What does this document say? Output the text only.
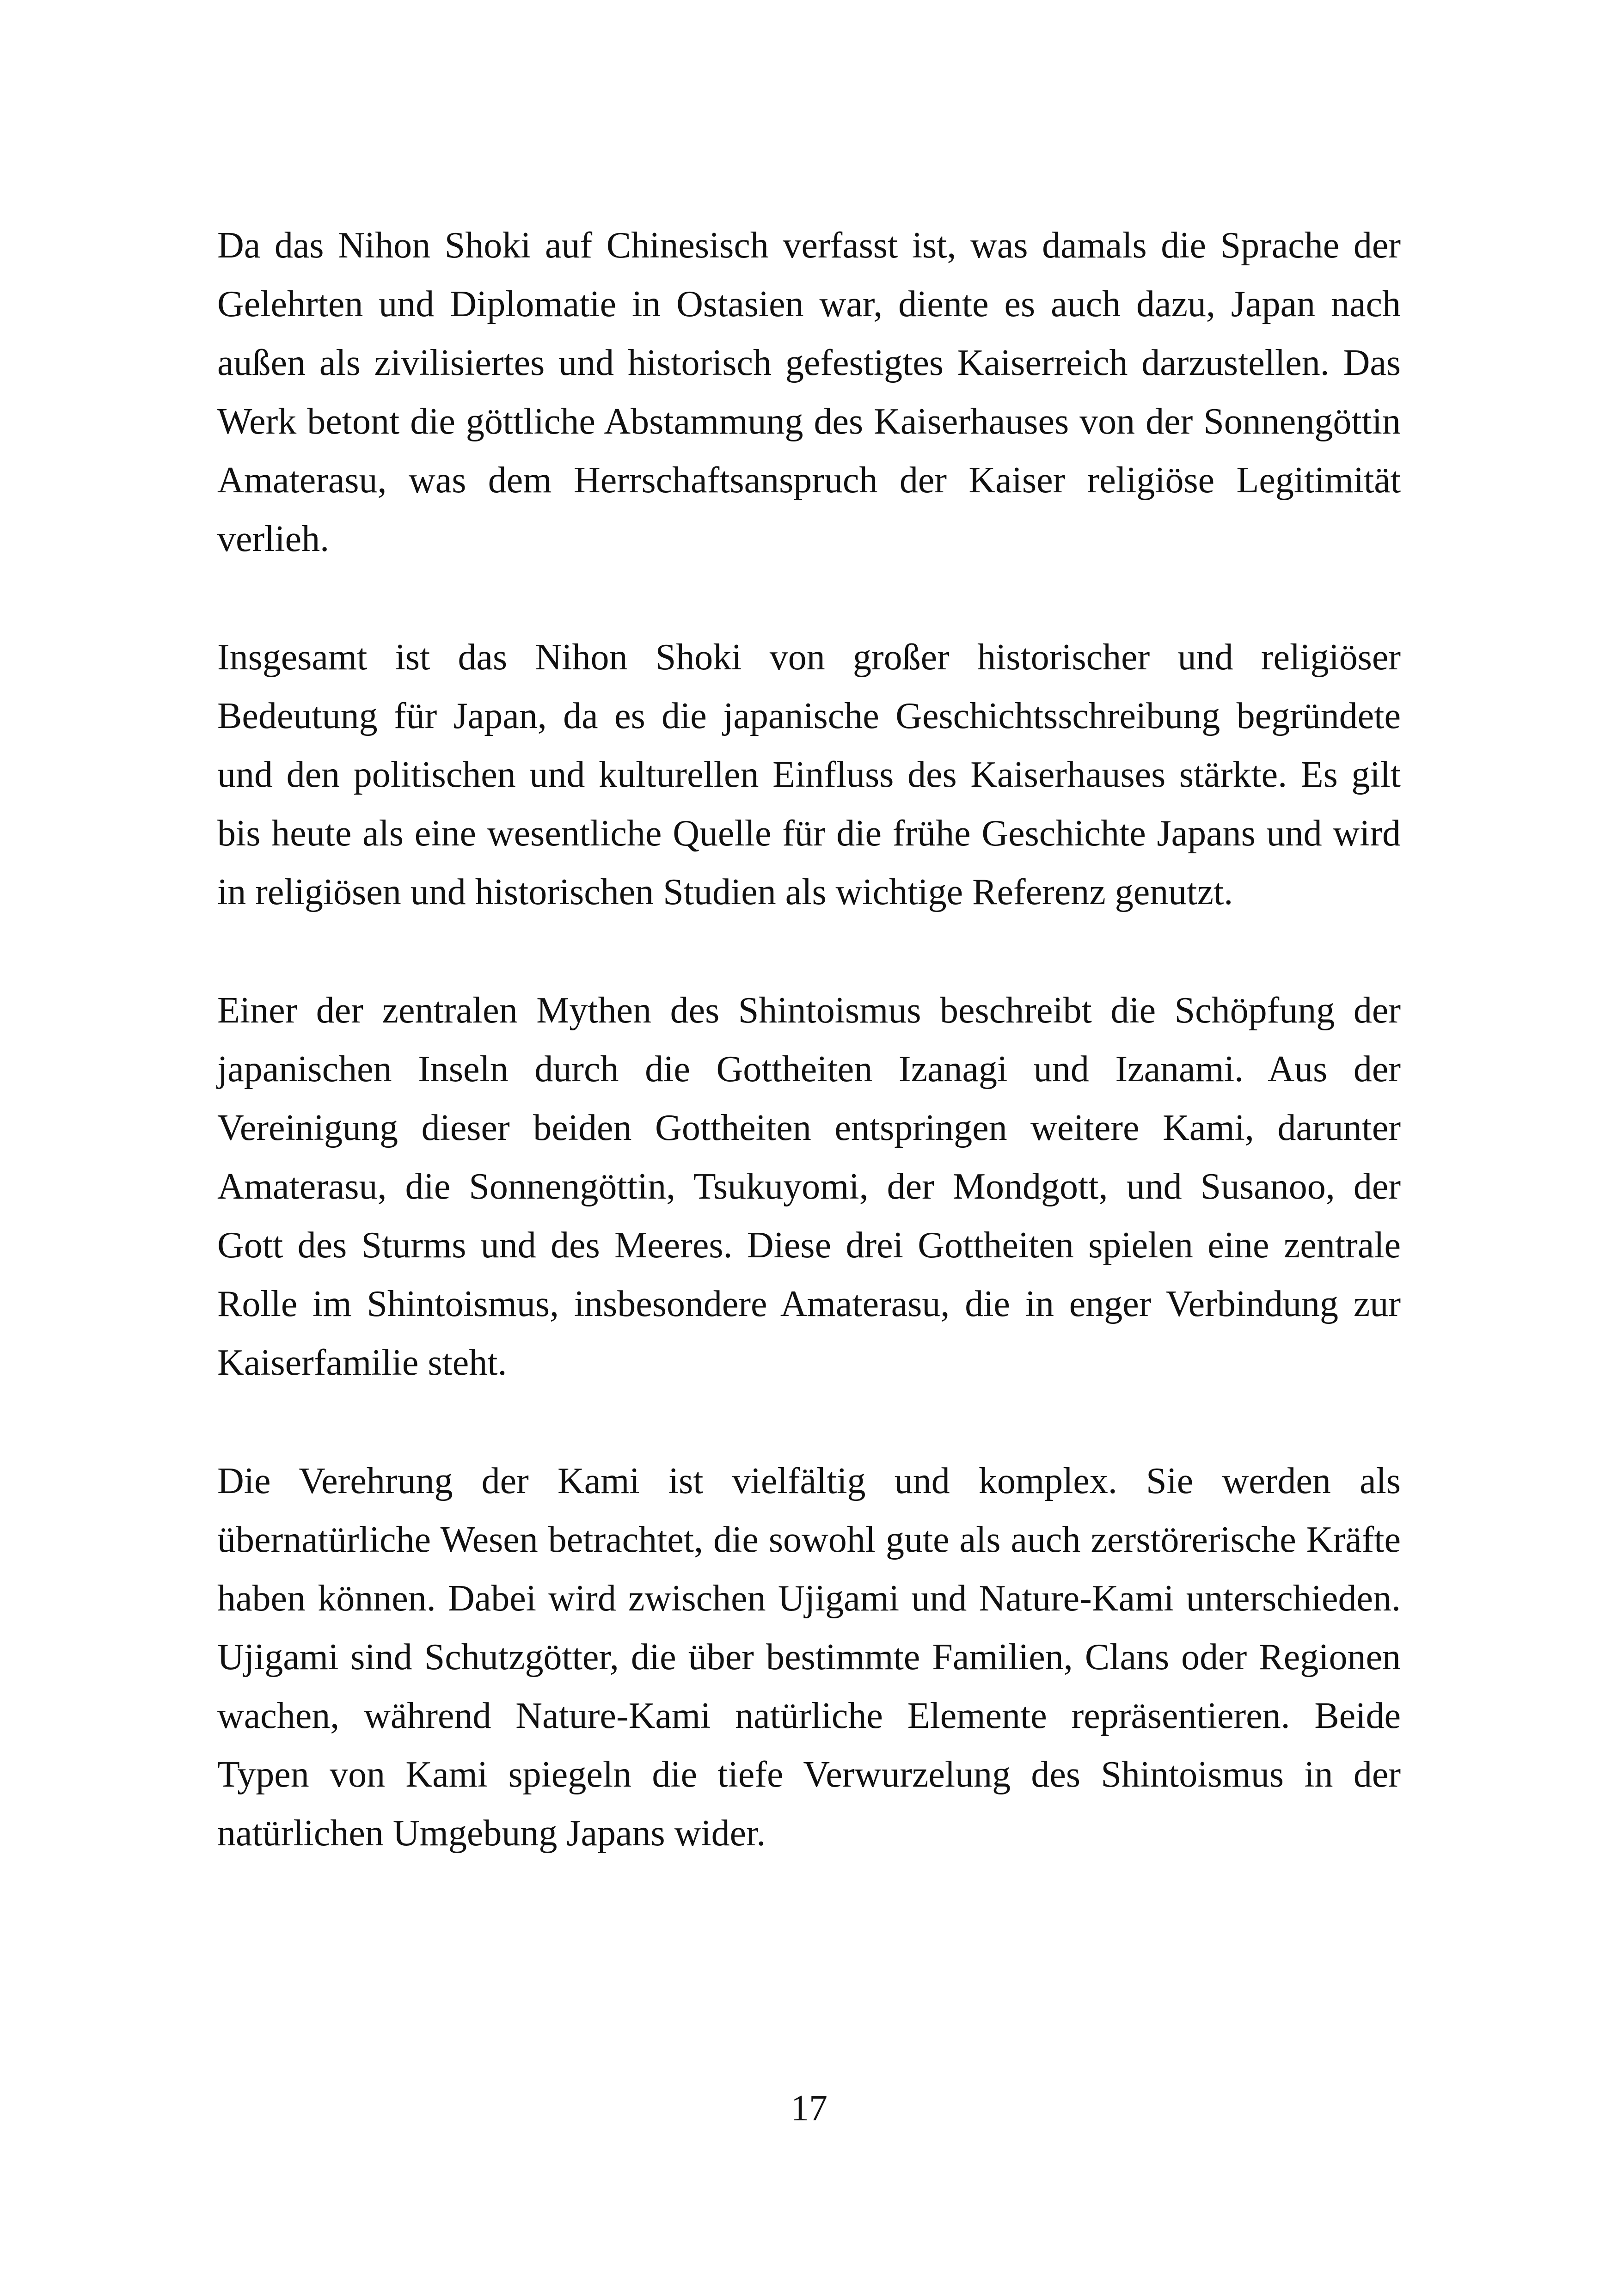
Da das Nihon Shoki auf Chinesisch verfasst ist, was damals die Sprache der Gelehrten und Diplomatie in Ostasien war, diente es auch dazu, Japan nach außen als zivilisiertes und historisch gefestigtes Kaiserreich darzustellen. Das Werk betont die göttliche Abstammung des Kaiserhauses von der Sonnengöttin Amaterasu, was dem Herrschaftsanspruch der Kaiser religiöse Legitimität verlieh.

Insgesamt ist das Nihon Shoki von großer historischer und religiöser Bedeutung für Japan, da es die japanische Geschichtsschreibung begründete und den politischen und kulturellen Einfluss des Kaiserhauses stärkte. Es gilt bis heute als eine wesentliche Quelle für die frühe Geschichte Japans und wird in religiösen und historischen Studien als wichtige Referenz genutzt.

Einer der zentralen Mythen des Shintoismus beschreibt die Schöpfung der japanischen Inseln durch die Gottheiten Izanagi und Izanami. Aus der Vereinigung dieser beiden Gottheiten entspringen weitere Kami, darunter Amaterasu, die Sonnengöttin, Tsukuyomi, der Mondgott, und Susanoo, der Gott des Sturms und des Meeres. Diese drei Gottheiten spielen eine zentrale Rolle im Shintoismus, insbesondere Amaterasu, die in enger Verbindung zur Kaiserfamilie steht.

Die Verehrung der Kami ist vielfältig und komplex. Sie werden als übernatürliche Wesen betrachtet, die sowohl gute als auch zerstörerische Kräfte haben können. Dabei wird zwischen Ujigami und Nature-Kami unterschieden. Ujigami sind Schutzgötter, die über bestimmte Familien, Clans oder Regionen wachen, während Nature-Kami natürliche Elemente repräsentieren. Beide Typen von Kami spiegeln die tiefe Verwurzelung des Shintoismus in der natürlichen Umgebung Japans wider.

17
